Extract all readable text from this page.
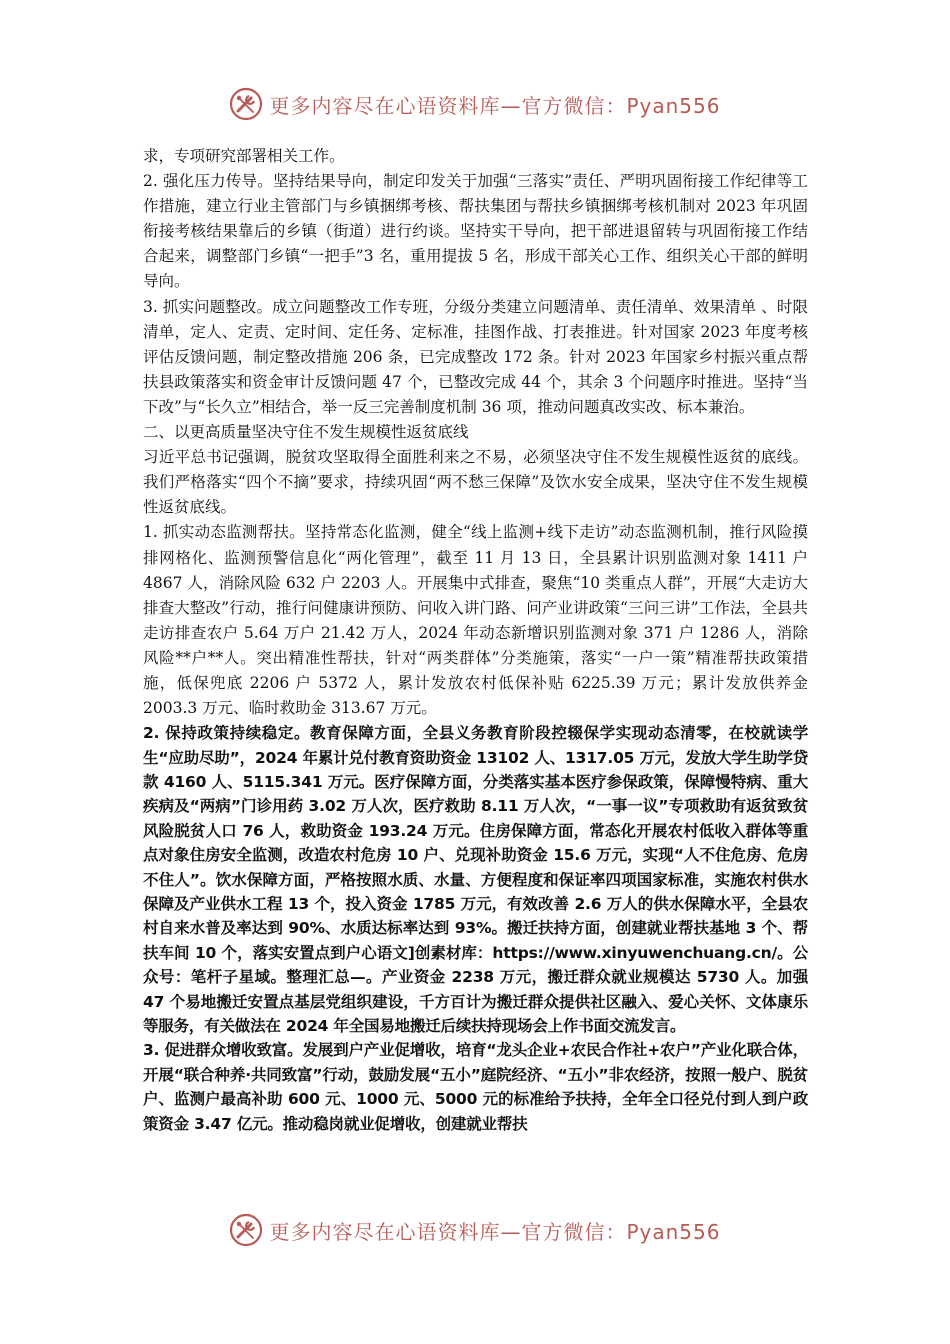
更多内容尽在心语资料库—官方微信：Pyan556

求，专项研究部署相关工作。

2. 强化压力传导。坚持结果导向，制定印发关于加强“三落实”责任、严明巩固衔接工作纪律等工作措施，建立行业主管部门与乡镇捆绑考核、帮扶集团与帮扶乡镇捆绑考核机制对 2023 年巩固衔接考核结果靠后的乡镇（街道）进行约谈。坚持实干导向，把干部进退留转与巩固衔接工作结合起来，调整部门乡镇“一把手”3 名，重用提拔 5 名，形成干部关心工作、组织关心干部的鲜明导向。

3. 抓实问题整改。成立问题整改工作专班，分级分类建立问题清单、责任清单、效果清单 、时限清单，定人、定责、定时间、定任务、定标准，挂图作战、打表推进。针对国家 2023 年度考核评估反馈问题，制定整改措施 206 条，已完成整改 172 条。针对 2023 年国家乡村振兴重点帮扶县政策落实和资金审计反馈问题 47 个，已整改完成 44 个，其余 3 个问题序时推进。坚持“当下改”与“长久立”相结合，举一反三完善制度机制 36 项，推动问题真改实改、标本兼治。

二、以更高质量坚决守住不发生规模性返贫底线

习近平总书记强调，脱贫攻坚取得全面胜利来之不易，必须坚决守住不发生规模性返贫的底线。我们严格落实“四个不摘”要求，持续巩固“两不愁三保障”及饮水安全成果，坚决守住不发生规模性返贫底线。

1. 抓实动态监测帮扶。坚持常态化监测，健全“线上监测+线下走访”动态监测机制，推行风险摸排网格化、监测预警信息化“两化管理”，截至 11 月 13 日，全县累计识别监测对象 1411 户 4867 人，消除风险 632 户 2203 人。开展集中式排查，聚焦“10 类重点人群”，开展“大走访大排查大整改”行动，推行问健康讲预防、问收入讲门路、问产业讲政策“三问三讲”工作法，全县共走访排查农户 5.64 万户 21.42 万人，2024 年动态新增识别监测对象 371 户 1286 人，消除风险**户**人。突出精准性帮扶，针对“两类群体”分类施策，落实“一户一策”精准帮扶政策措施，低保兜底 2206 户 5372 人，累计发放农村低保补贴 6225.39 万元；累计发放供养金 2003.3 万元、临时救助金 313.67 万元。

2. 保持政策持续稳定。教育保障方面，全县义务教育阶段控辍保学实现动态清零，在校就读学生“应助尽助”，2024 年累计兑付教育资助资金 13102 人、1317.05 万元，发放大学生助学贷款 4160 人、5115.341 万元。医疗保障方面，分类落实基本医疗参保政策，保障慢特病、重大疾病及“两病”门诊用药 3.02 万人次，医疗救助 8.11 万人次，“一事一议”专项救助有返贫致贫风险脱贫人口 76 人，救助资金 193.24 万元。住房保障方面，常态化开展农村低收入群体等重点对象住房安全监测，改造农村危房 10 户、兑现补助资金 15.6 万元，实现“人不住危房、危房不住人”。饮水保障方面，严格按照水质、水量、方便程度和保证率四项国家标准，实施农村供水保障及产业供水工程 13 个，投入资金 1785 万元，有效改善 2.6 万人的供水保障水平，全县农村自来水普及率达到 90%、水质达标率达到 93%。搬迁扶持方面，创建就业帮扶基地 3 个、帮扶车间 10 个，落实安置点到户心语文]创素材库：https://www.xinyuwenchuang.cn/。公众号：笔杆子星域。整理汇总—。产业资金 2238 万元，搬迁群众就业规模达 5730 人。加强 47 个易地搬迁安置点基层党组织建设，千方百计为搬迁群众提供社区融入、爱心关怀、文体康乐等服务，有关做法在 2024 年全国易地搬迁后续扶持现场会上作书面交流发言。

3. 促进群众增收致富。发展到户产业促增收，培育“龙头企业+农民合作社+农户”产业化联合体，开展“联合种养·共同致富”行动，鼓励发展“五小”庭院经济、“五小”非农经济，按照一般户、脱贫户、监测户最高补助 600 元、1000 元、5000 元的标准给予扶持，全年全口径兑付到人到户政策资金 3.47 亿元。推动稳岗就业促增收，创建就业帮扶

更多内容尽在心语资料库—官方微信：Pyan556
